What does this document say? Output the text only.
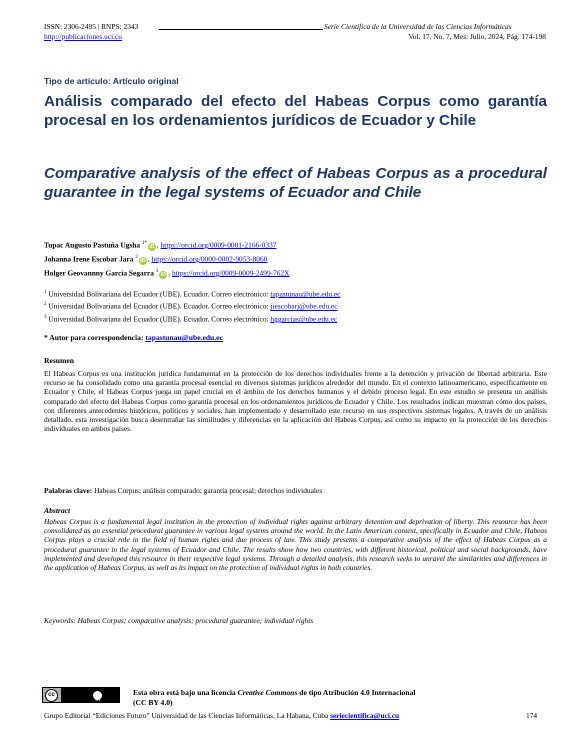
ISSN: 2306-2495 | RNPS: 2343	Serie Científica de la Universidad de las Ciencias Informáticas
http://publicaciones.uci.cu	Vol. 17, No. 7, Mes: Julio, 2024, Pág. 174-198
Tipo de artículo: Artículo original
Análisis comparado del efecto del Habeas Corpus como garantía procesal en los ordenamientos jurídicos de Ecuador y Chile
Comparative analysis of the effect of Habeas Corpus as a procedural guarantee in the legal systems of Ecuador and Chile
Tupac Augusto Pastuña Ugsha $^{1*}$iD , https://orcid.org/0009-0001-2166-0337
Johanna Irene Escobar Jara $^2$iD , https://orcid.org/0000-0002-9053-8060
Holger Geovannny García Segarra $^3$iD , https://orcid.org/0009-0009-2499-762X
$^1$ Universidad Bolivariana del Ecuador (UBE). Ecuador. Correo electrónico: tapastunau@ube.edu.ec
$^2$ Universidad Bolivariana del Ecuador (UBE). Ecuador. Correo electrónico: jiescobarj@ube.edu.ec
$^3$ Universidad Bolivariana del Ecuador (UBE). Ecuador. Correo electrónico: hggarcias@ube.edu.ec
* Autor para correspondencia: tapastunau@ube.edu.ec
Resumen
El Habeas Corpus es una institución jurídica fundamental en la protección de los derechos individuales frente a la detención y privación de libertad arbitraria. Este recurso se ha consolidado como una garantía procesal esencial en diversos sistemas jurídicos alrededor del mundo. En el contexto latinoamericano, específicamente en Ecuador y Chile, el Habeas Corpus juega un papel crucial en el ámbito de los derechos humanos y el debido proceso legal. En este estudio se presenta un análisis comparado del efecto del Habeas Corpus como garantía procesal en los ordenamientos jurídicos de Ecuador y Chile. Los resultados indican muestran cómo dos países, con diferentes antecedentes históricos, políticos y sociales, han implementado y desarrollado este recurso en sus respectivos sistemas legales. A través de un análisis detallado, esta investigación busca desentrañar las similitudes y diferencias en la aplicación del Habeas Corpus, así como su impacto en la protección de los derechos individuales en ambos países.
Palabras clave: Habeas Corpus; análisis comparado; garantía procesal; derechos individuales
Abstract
Habeas Corpus is a fundamental legal institution in the protection of individual rights against arbitrary detention and deprivation of liberty. This resource has been consolidated as an essential procedural guarantee in various legal systems around the world. In the Latin American context, specifically in Ecuador and Chile, Habeas Corpus plays a crucial role in the field of human rights and due process of law. This study presents a comparative analysis of the effect of Habeas Corpus as a procedural guarantee in the legal systems of Ecuador and Chile. The results show how two countries, with different historical, political and social backgrounds, have implemented and developed this resource in their respective legal systems. Through a detailed analysis, this research seeks to unravel the similarities and differences in the application of Habeas Corpus, as well as its impact on the protection of individual rights in both countries.
Keywords: Habeas Corpus; comparative analysis; procedural guarantee; individual rights
cc
BY
Esta obra está bajo una licencia Creative Commons de tipo Atribución 4.0 Internacional
(CC BY 4.0)
Grupo Editorial “Ediciones Futuro” Universidad de las Ciencias Informáticas. La Habana, Cuba seriecientifica@uci.cu	174
